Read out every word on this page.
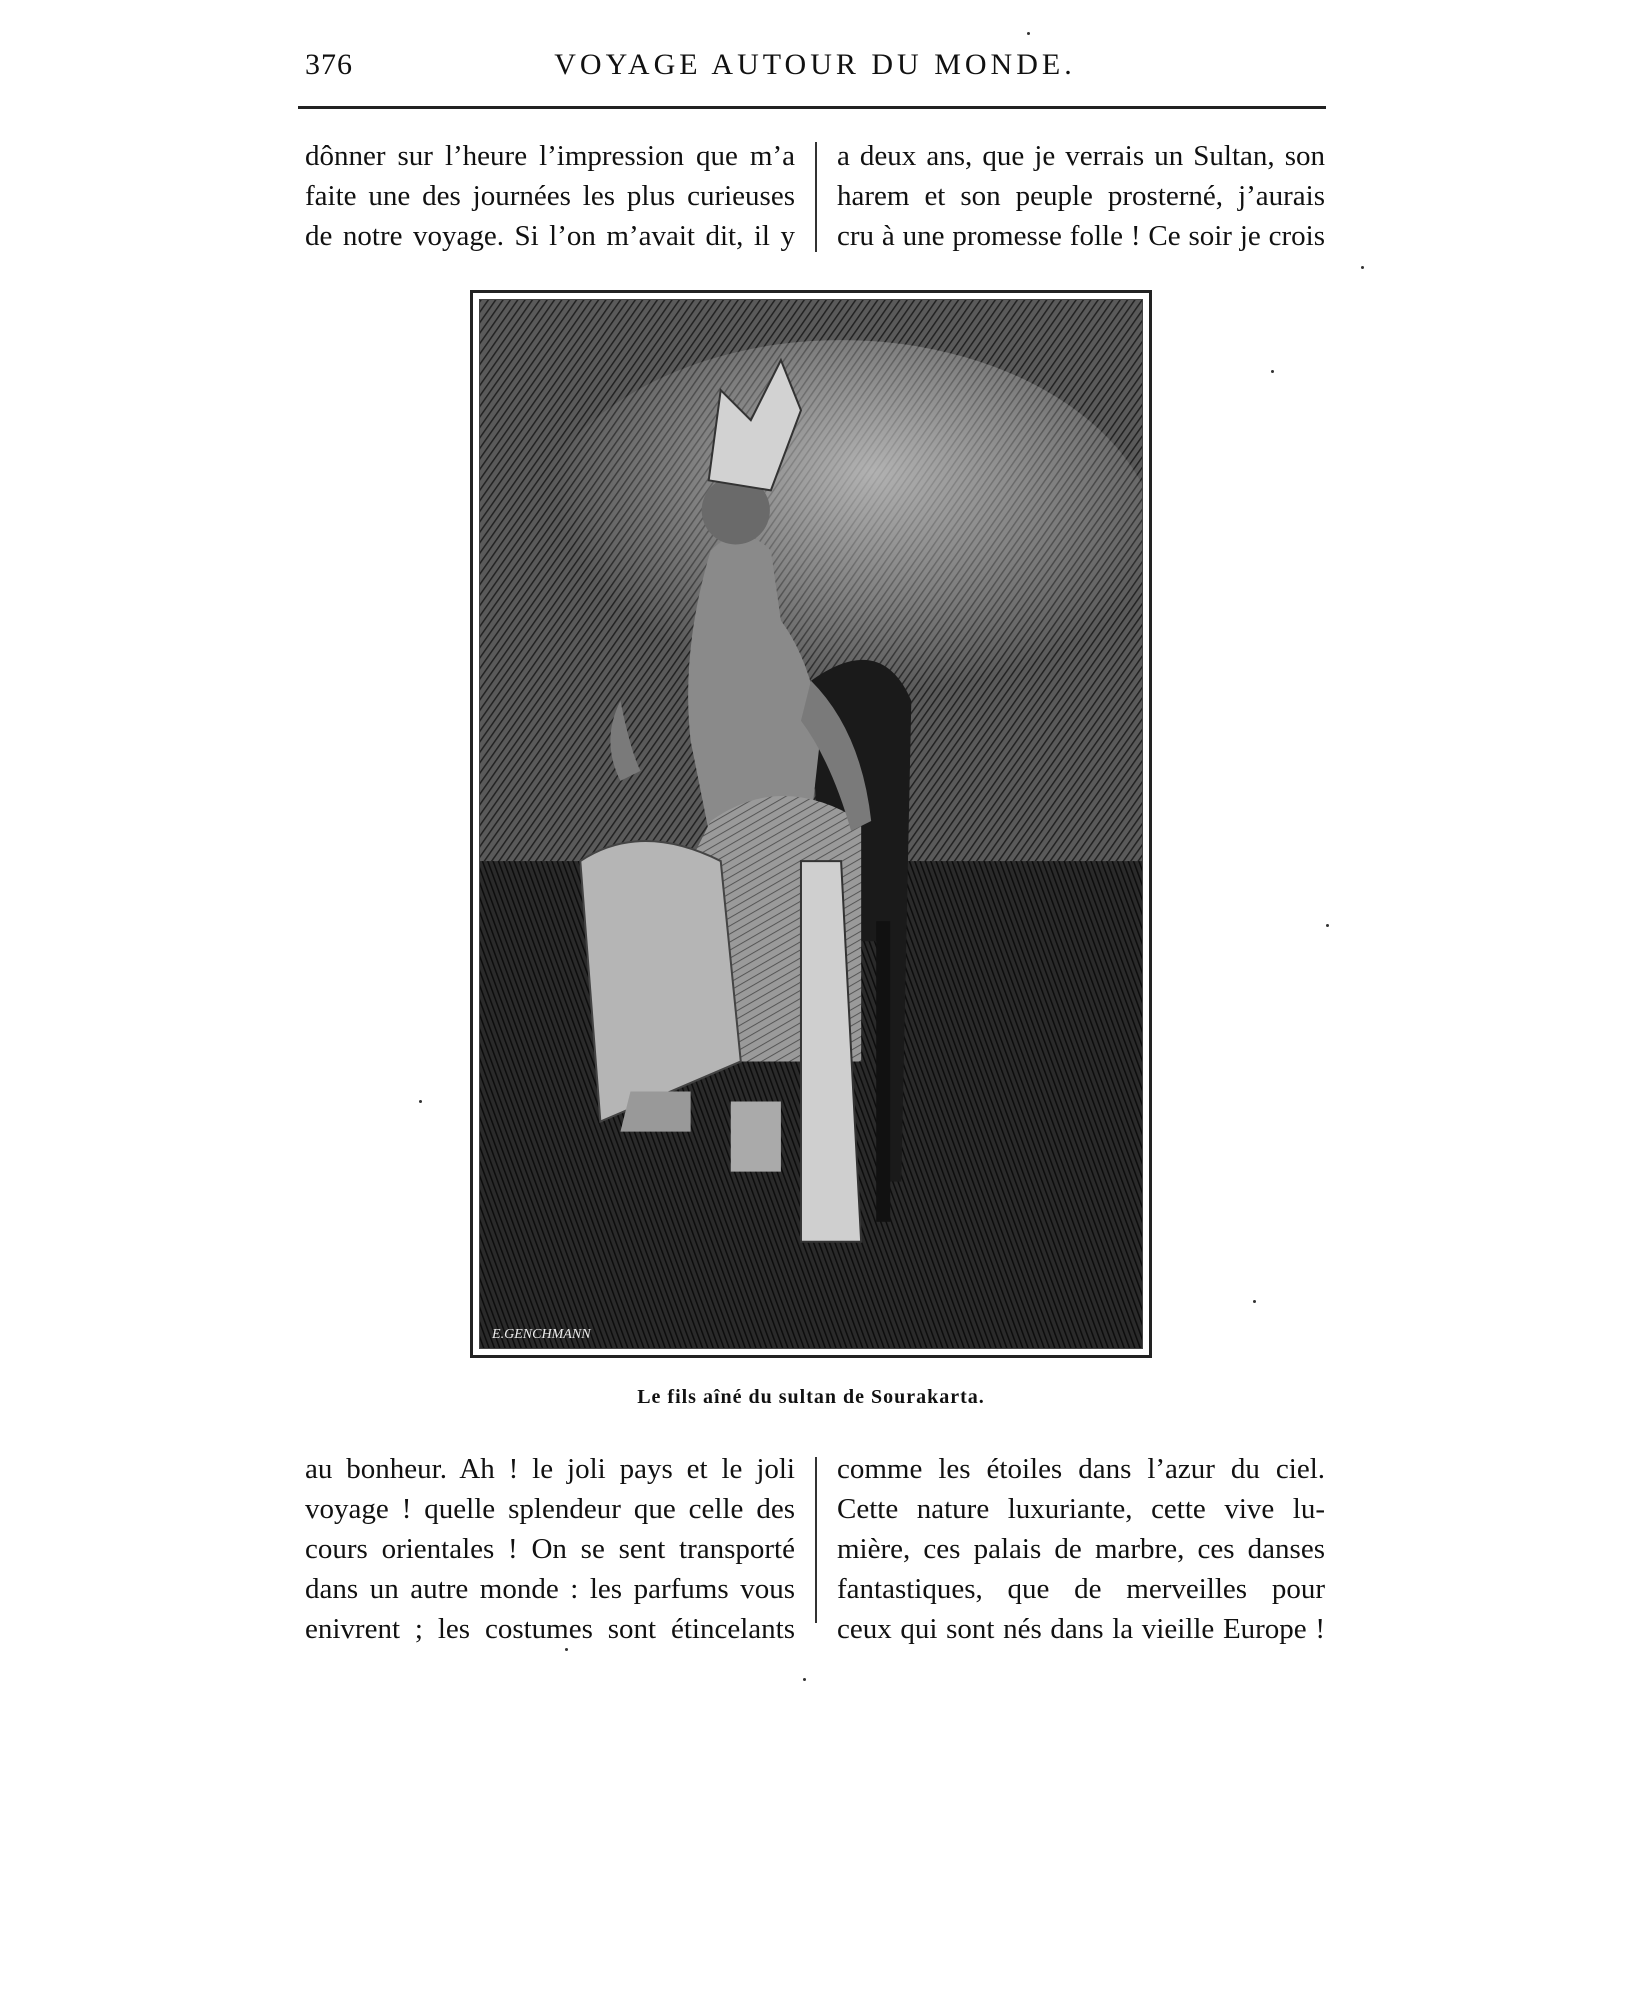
376	VOYAGE AUTOUR DU MONDE.
dônner sur l’heure l’impression que m’a
faite une des journées les plus curieuses
de notre voyage. Si l’on m’avait dit, il y
a deux ans, que je verrais un Sultan, son
harem et son peuple prosterné, j’aurais
cru à une promesse folle ! Ce soir je crois
E.GENCHMANN
Le fils aîné du sultan de Sourakarta.
au bonheur. Ah ! le joli pays et le joli
voyage ! quelle splendeur que celle des
cours orientales ! On se sent transporté
dans un autre monde : les parfums vous
enivrent ; les costumes sont étincelants
comme les étoiles dans l’azur du ciel.
Cette nature luxuriante, cette vive lu-
mière, ces palais de marbre, ces danses
fantastiques, que de merveilles pour
ceux qui sont nés dans la vieille Europe !
